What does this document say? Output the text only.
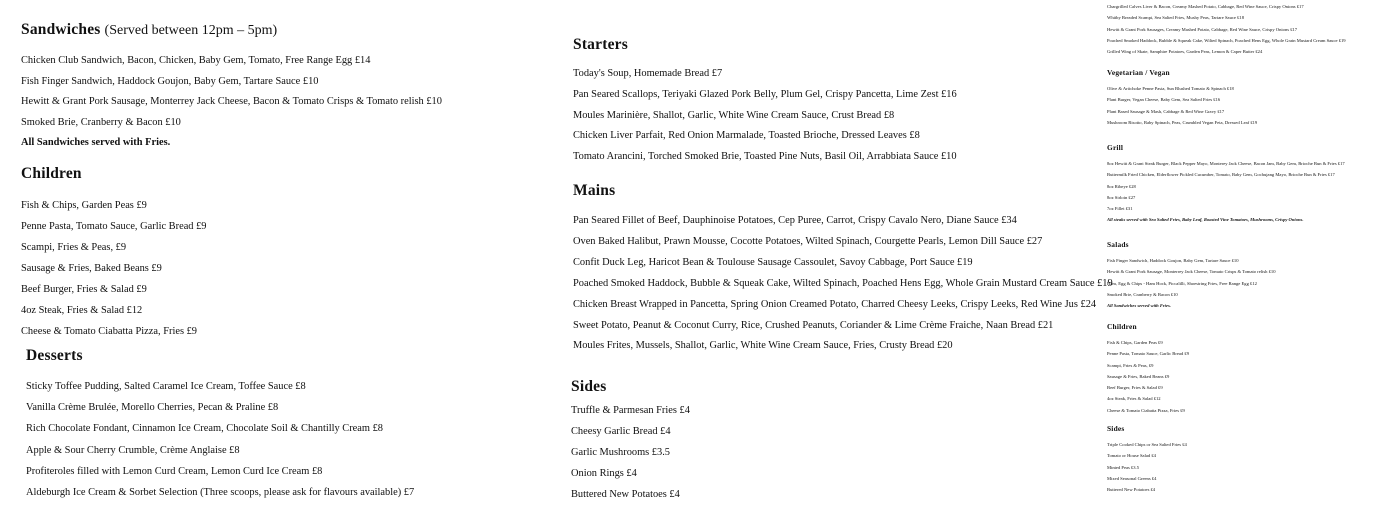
Sandwiches (Served between 12pm – 5pm)
Chicken Club Sandwich, Bacon, Chicken, Baby Gem, Tomato, Free Range Egg £14
Fish Finger Sandwich, Haddock Goujon, Baby Gem, Tartare Sauce £10
Hewitt & Grant Pork Sausage, Monterrey Jack Cheese, Bacon & Tomato Crisps & Tomato relish £10
Smoked Brie, Cranberry & Bacon £10
All Sandwiches served with Fries.
Children
Fish & Chips, Garden Peas £9
Penne Pasta, Tomato Sauce, Garlic Bread £9
Scampi, Fries & Peas, £9
Sausage & Fries, Baked Beans £9
Beef Burger, Fries & Salad £9
4oz Steak, Fries & Salad £12
Cheese & Tomato Ciabatta Pizza, Fries £9
Desserts
Sticky Toffee Pudding, Salted Caramel Ice Cream, Toffee Sauce £8
Vanilla Crème Brulée, Morello Cherries, Pecan & Praline £8
Rich Chocolate Fondant, Cinnamon Ice Cream, Chocolate Soil & Chantilly Cream £8
Apple & Sour Cherry Crumble, Crème Anglaise £8
Profiteroles filled with Lemon Curd Cream, Lemon Curd Ice Cream £8
Aldeburgh Ice Cream & Sorbet Selection (Three scoops, please ask for flavours available) £7
Starters
Today's Soup, Homemade Bread £7
Pan Seared Scallops, Teriyaki Glazed Pork Belly, Plum Gel, Crispy Pancetta, Lime Zest £16
Moules Marinière, Shallot, Garlic, White Wine Cream Sauce, Crust Bread £8
Chicken Liver Parfait, Red Onion Marmalade, Toasted Brioche, Dressed Leaves £8
Tomato Arancini, Torched Smoked Brie, Toasted Pine Nuts, Basil Oil, Arrabbiata Sauce £10
Mains
Pan Seared Fillet of Beef, Dauphinoise Potatoes, Cep Puree, Carrot, Crispy Cavalo Nero, Diane Sauce £34
Oven Baked Halibut, Prawn Mousse, Cocotte Potatoes, Wilted Spinach, Courgette Pearls, Lemon Dill Sauce £27
Confit Duck Leg, Haricot Bean & Toulouse Sausage Cassoulet, Savoy Cabbage, Port Sauce £19
Poached Smoked Haddock, Bubble & Squeak Cake, Wilted Spinach, Poached Hens Egg, Whole Grain Mustard Cream Sauce £19
Chicken Breast Wrapped in Pancetta, Spring Onion Creamed Potato, Charred Cheesy Leeks, Crispy Leeks, Red Wine Jus £24
Sweet Potato, Peanut & Coconut Curry, Rice, Crushed Peanuts, Coriander & Lime Crème Fraiche, Naan Bread £21
Moules Frites, Mussels, Shallot, Garlic, White Wine Cream Sauce, Fries, Crusty Bread £20
Sides
Truffle & Parmesan Fries £4
Cheesy Garlic Bread £4
Garlic Mushrooms £3.5
Onion Rings £4
Buttered New Potatoes £4
Chargrilled Calves Liver & Bacon, Creamy Mashed Potato, Cabbage, Red Wine Sauce, Crispy Onions £17
Whitby Breaded Scampi, Sea Salted Fries, Mushy Peas, Tartare Sauce £18
Hewitt & Grant Pork Sausages, Creamy Mashed Potato, Cabbage, Red Wine Sauce, Crispy Onions £17
Poached Smoked Haddock, Bubble & Squeak Cake, Wilted Spinach, Poached Hens Egg, Whole Grain Mustard Cream Sauce £19
Grilled Wing of Skate, Samphire Potatoes, Garden Peas, Lemon & Caper Butter £24
Vegetarian / Vegan
Olive & Artichoke Penne Pasta, Sun Blushed Tomato & Spinach £18
Plant Burger, Vegan Cheese, Baby Gem, Sea Salted Fries £16
Plant Based Sausage & Mash, Cabbage & Red Wine Gravy £17
Mushroom Risotto, Baby Spinach, Peas, Crumbled Vegan Feta, Dressed Leaf £19
Grill
8oz Hewitt & Grant Steak Burger, Black Pepper Mayo, Monterey Jack Cheese, Bacon Jam, Baby Gem, Brioche Bun & Fries £17
Buttermilk Fried Chicken, Elderflower Pickled Cucumber, Tomato, Baby Gem, Gochujang Mayo, Brioche Bun & Fries £17
8oz Ribeye £28
8oz Sirloin £27
7oz Fillet £31
All steaks served with Sea Salted Fries, Baby Leaf, Roasted Vine Tomatoes, Mushrooms, Crispy Onions.
Salads
Fish Finger Sandwich, Haddock Goujon, Baby Gem, Tartare Sauce £10
Hewitt & Grant Pork Sausage, Monterrey Jack Cheese, Tomato Crisps & Tomato relish £10
Ham, Egg & Chips - Ham Hock, Piccalilli, Shoestring Fries, Free Range Egg £12
Smoked Brie, Cranberry & Bacon £10
All Sandwiches served with Fries.
Children
Fish & Chips, Garden Peas £9
Penne Pasta, Tomato Sauce, Garlic Bread £9
Scampi, Fries & Peas, £9
Sausage & Fries, Baked Beans £9
Beef Burger, Fries & Salad £9
4oz Steak, Fries & Salad £12
Cheese & Tomato Ciabatta Pizza, Fries £9
Sides
Triple Cooked Chips or Sea Salted Fries £4
Tomato or House Salad £4
Minted Peas £3.5
Mixed Seasonal Greens £4
Buttered New Potatoes £4
